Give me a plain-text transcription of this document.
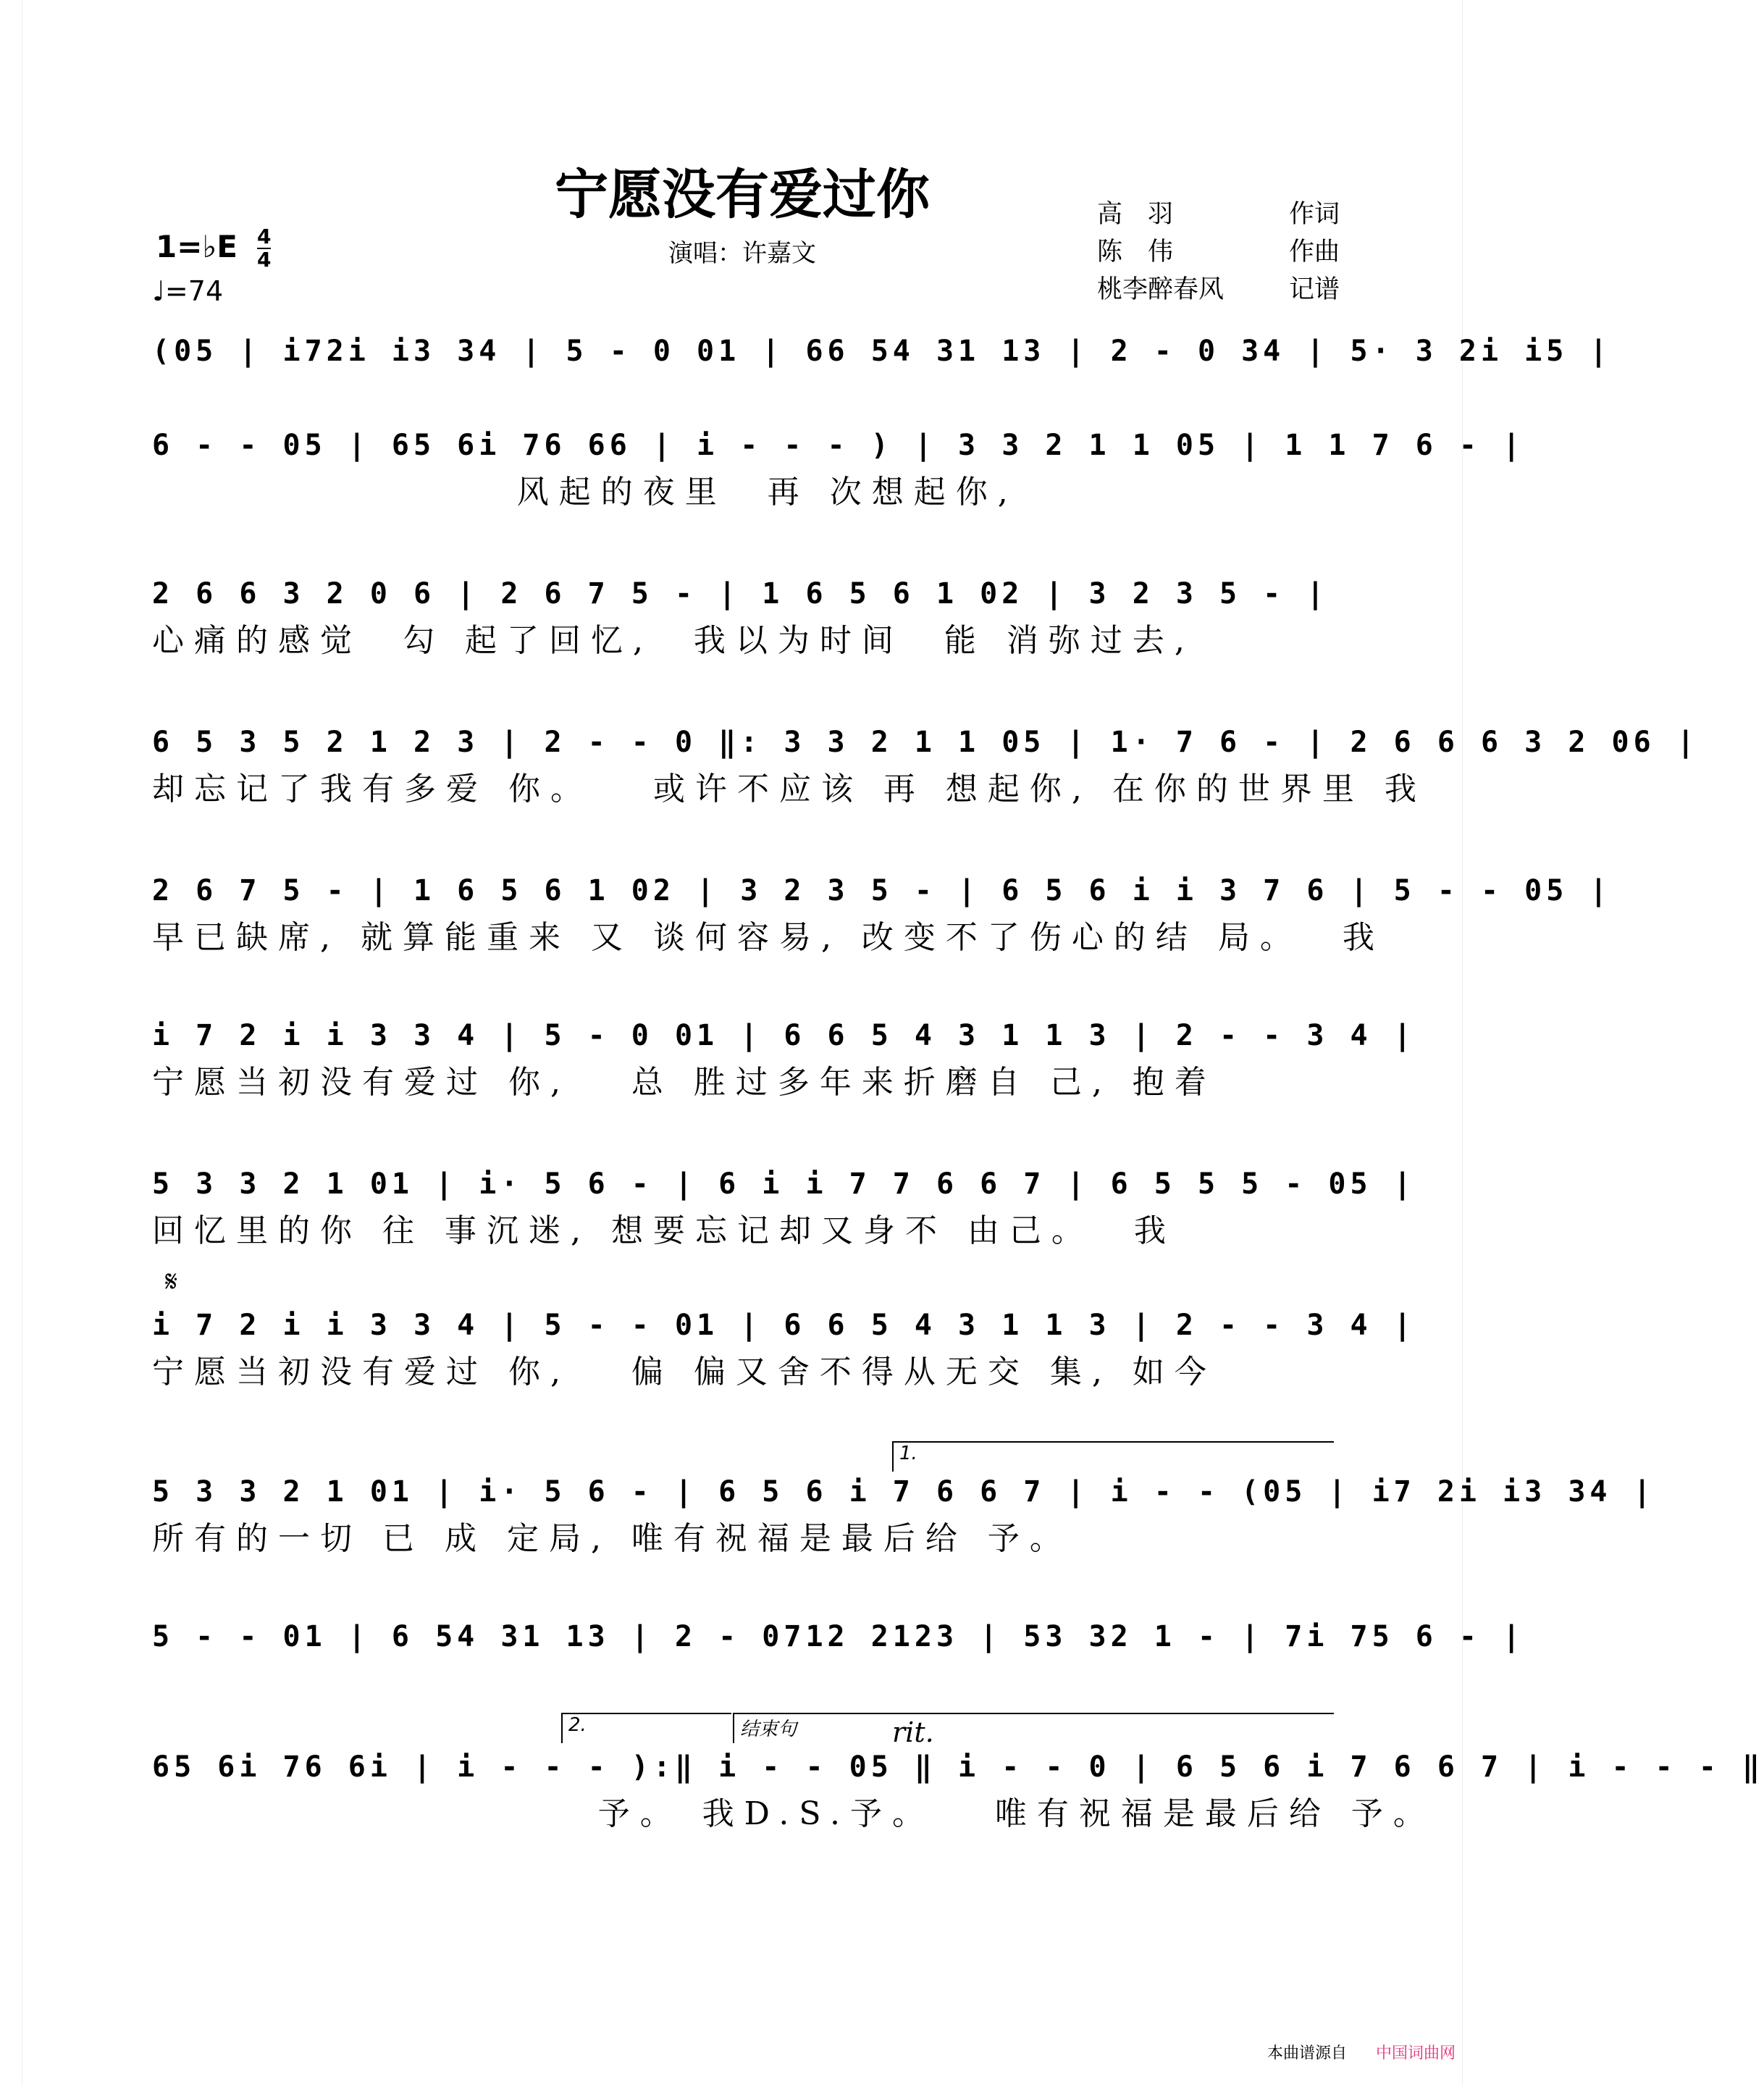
宁愿没有爱过你
演唱：许嘉文
高　羽	作词
陈　伟	作曲
桃李醉春风	记谱
1=♭E 4
4
♩=74
(05 | i72i i3 34 | 5 - 0 01 | 66 54 31 13 | 2 - 0 34 | 5· 3 2i i5 |
6 - - 05 | 65 6i 76 66 | i - - - ) | 3 3 2 1 1 05 | 1 1 7 6 - |
风起的夜里  再 次想起你,
2 6 6 3 2 0 6 | 2 6 7 5 - | 1 6 5 6 1 02 | 3 2 3 5 - |
心痛的感觉  勾 起了回忆,  我以为时间  能 消弥过去,
6 5 3 5 2 1 2 3 | 2 - - 0 ‖: 3 3 2 1 1 05 | 1· 7 6 - | 2 6 6 6 3 2 06 |
却忘记了我有多爱 你。   或许不应该 再 想起你, 在你的世界里 我
2 6 7 5 - | 1 6 5 6 1 02 | 3 2 3 5 - | 6 5 6 i i 3 7 6 | 5 - - 05 |
早已缺席, 就算能重来 又 谈何容易, 改变不了伤心的结 局。  我
i 7 2 i i 3 3 4 | 5 - 0 01 | 6 6 5 4 3 1 1 3 | 2 - - 3 4 |
宁愿当初没有爱过 你,   总 胜过多年来折磨自 己, 抱着
5 3 3 2 1 01 | i· 5 6 - | 6 i i 7 7 6 6 7 | 6 5 5 5 - 05 |
回忆里的你 往 事沉迷, 想要忘记却又身不 由己。  我
𝄋
i 7 2 i i 3 3 4 | 5 - - 01 | 6 6 5 4 3 1 1 3 | 2 - - 3 4 |
宁愿当初没有爱过 你,   偏 偏又舍不得从无交 集, 如今
1.
5 3 3 2 1 01 | i· 5 6 - | 6 5 6 i 7 6 6 7 | i - - (05 | i7 2i i3 34 |
所有的一切 已 成 定局, 唯有祝福是最后给 予。
5 - - 01 | 6 54 31 13 | 2 - 0712 2123 | 53 32 1 - | 7i 75 6 - |
2.	结束句	rit.
65 6i 76 6i | i - - - ):‖ i - - 05 ‖ i - - 0 | 6 5 6 i 7 6 6 7 | i - - - ‖
予。 我D.S.予。   唯有祝福是最后给 予。
本曲谱源自 中国词曲网
